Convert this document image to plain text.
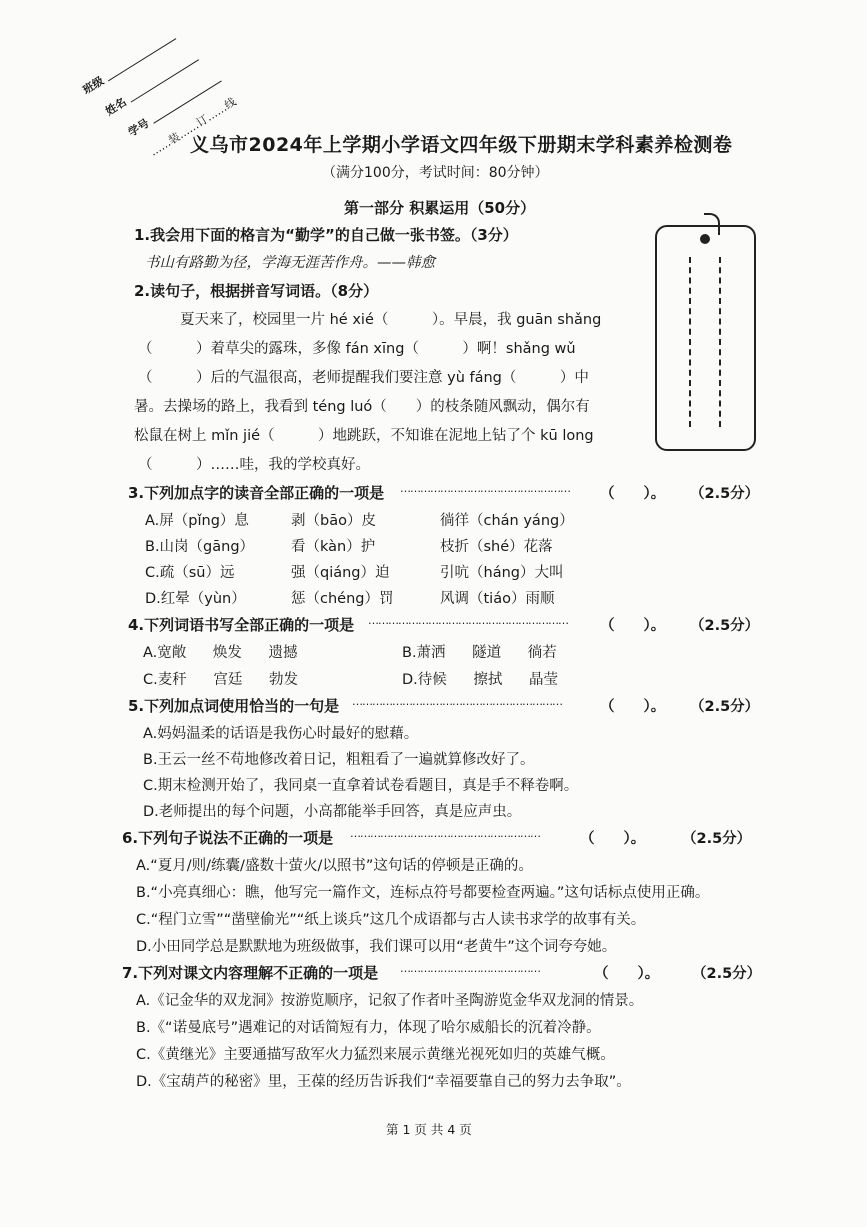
班级
姓名
学号
……装……订……线
义乌市2024年上学期小学语文四年级下册期末学科素养检测卷
（满分100分，考试时间：80分钟）
第一部分 积累运用（50分）
1.我会用下面的格言为“勤学”的自己做一张书签。（3分）
书山有路勤为径，学海无涯苦作舟。——韩愈
2.读句子，根据拼音写词语。（8分）
夏天来了，校园里一片 hé xié（　　　）。早晨，我 guān shǎng
（　　　）着草尖的露珠，多像 fán xīng（　　　）啊！shǎng wǔ
（　　　）后的气温很高，老师提醒我们要注意 yù fáng（　　　）中
暑。去操场的路上，我看到 téng luó（　　）的枝条随风飘动，偶尔有
松鼠在树上 mǐn jié（　　　）地跳跃，不知谁在泥地上钻了个 kū long
（　　　）……哇，我的学校真好。
3.下列加点字的读音全部正确的一项是 …………………………………………… （　　）。 （2.5分）
A.屏（pǐng）息	剥（bāo）皮	徜徉（chán yáng）
B.山岗（gāng）	看（kàn）护	枝折（shé）花落
C.疏（sū）远	强（qiáng）迫	引吭（háng）大叫
D.红晕（yùn）	惩（chéng）罚	风调（tiáo）雨顺
4.下列词语书写全部正确的一项是 …………………………………………………… （　　）。 （2.5分）
A.宽敞 焕发 遗撼	B.萧洒 隧道 徜若
C.麦秆 宫廷 勃发	D.待候 擦拭 晶莹
5.下列加点词使用恰当的一句是 ………………………………………………………	（　　）。 （2.5分）
A.妈妈温柔的话语是我伤心时最好的慰藉。
B.王云一丝不苟地修改着日记，粗粗看了一遍就算修改好了。
C.期末检测开始了，我同桌一直拿着试卷看题目，真是手不释卷啊。
D.老师提出的每个问题，小高都能举手回答，真是应声虫。
6.下列句子说法不正确的一项是 …………………………………………………	（　　）。	（2.5分）
A.“夏月/则/练囊/盛数十萤火/以照书”这句话的停顿是正确的。
B.“小亮真细心：瞧，他写完一篇作文，连标点符号都要检查两遍。”这句话标点使用正确。
C.“程门立雪”“凿壁偷光”“纸上谈兵”这几个成语都与古人读书求学的故事有关。
D.小田同学总是默默地为班级做事，我们课可以用“老黄牛”这个词夸夸她。
7.下列对课文内容理解不正确的一项是 ……………………………………	（　　）。 （2.5分）
A.《记金华的双龙洞》按游览顺序，记叙了作者叶圣陶游览金华双龙洞的情景。
B.《“诺曼底号”遇难记的对话简短有力，体现了哈尔威船长的沉着冷静。
C.《黄继光》主要通描写敌军火力猛烈来展示黄继光视死如归的英雄气概。
D.《宝葫芦的秘密》里，王葆的经历告诉我们“幸福要靠自己的努力去争取”。
第 1 页 共 4 页
